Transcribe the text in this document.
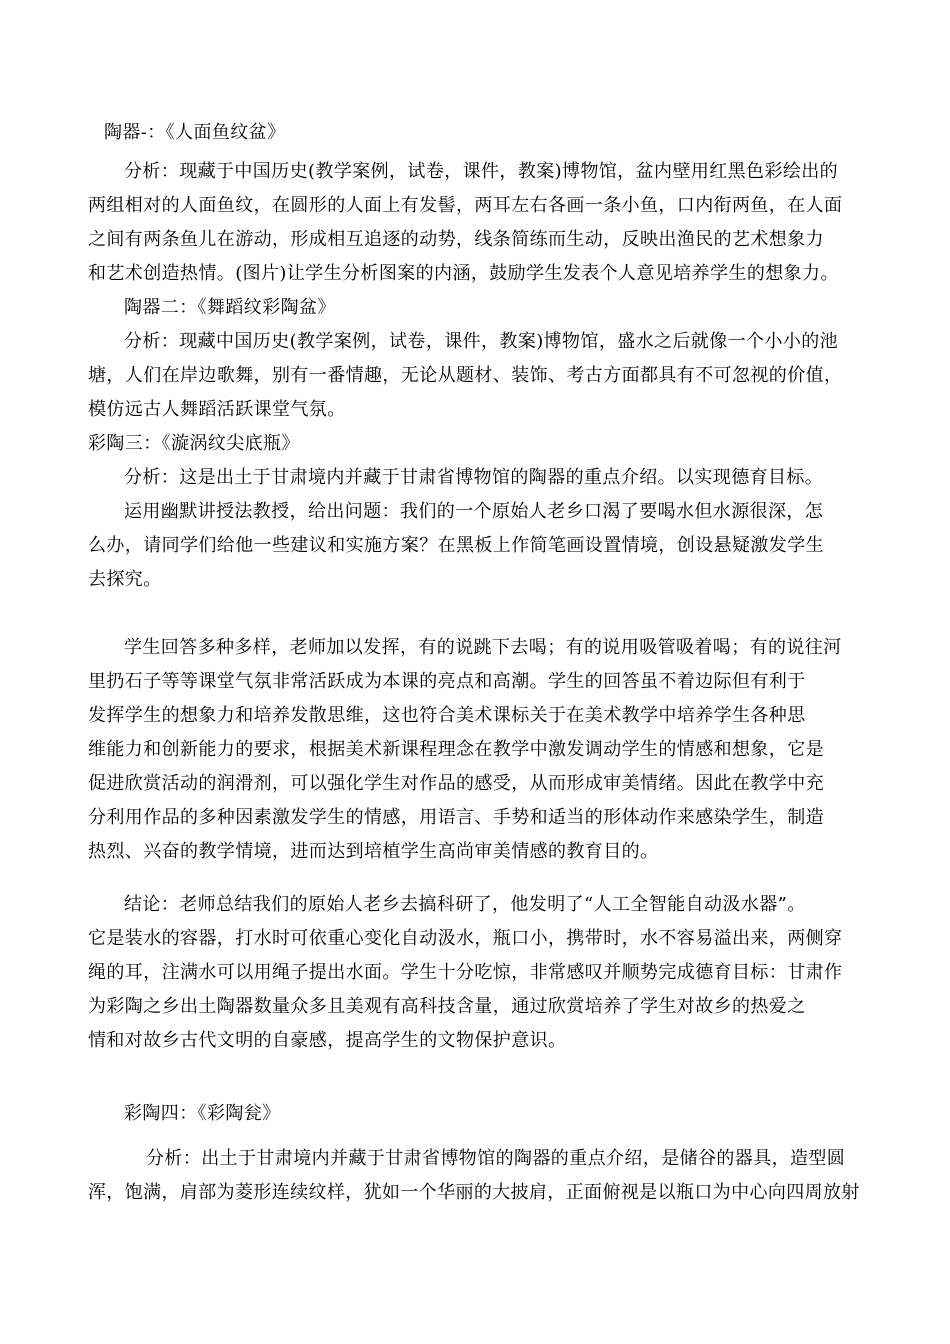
陶器-：《人面鱼纹盆》
分析：现藏于中国历史(教学案例，试卷，课件，教案)博物馆，盆内壁用红黑色彩绘出的
两组相对的人面鱼纹，在圆形的人面上有发髻，两耳左右各画一条小鱼，口内衔两鱼，在人面
之间有两条鱼儿在游动，形成相互追逐的动势，线条简练而生动，反映出渔民的艺术想象力
和艺术创造热情。(图片)让学生分析图案的内涵，鼓励学生发表个人意见培养学生的想象力。
陶器二：《舞蹈纹彩陶盆》
分析：现藏中国历史(教学案例，试卷，课件，教案)博物馆，盛水之后就像一个小小的池
塘，人们在岸边歌舞，别有一番情趣，无论从题材、装饰、考古方面都具有不可忽视的价值，
模仿远古人舞蹈活跃课堂气氛。
彩陶三：《漩涡纹尖底瓶》
分析：这是出土于甘肃境内并藏于甘肃省博物馆的陶器的重点介绍。以实现德育目标。
运用幽默讲授法教授，给出问题：我们的一个原始人老乡口渴了要喝水但水源很深，怎
么办，请同学们给他一些建议和实施方案？在黑板上作简笔画设置情境，创设悬疑激发学生
去探究。
学生回答多种多样，老师加以发挥，有的说跳下去喝；有的说用吸管吸着喝；有的说往河
里扔石子等等课堂气氛非常活跃成为本课的亮点和高潮。学生的回答虽不着边际但有利于
发挥学生的想象力和培养发散思维，这也符合美术课标关于在美术教学中培养学生各种思
维能力和创新能力的要求，根据美术新课程理念在教学中激发调动学生的情感和想象，它是
促进欣赏活动的润滑剂，可以强化学生对作品的感受，从而形成审美情绪。因此在教学中充
分利用作品的多种因素激发学生的情感，用语言、手势和适当的形体动作来感染学生，制造
热烈、兴奋的教学情境，进而达到培植学生高尚审美情感的教育目的。
结论：老师总结我们的原始人老乡去搞科研了，他发明了“人工全智能自动汲水器”。
它是装水的容器，打水时可依重心变化自动汲水，瓶口小，携带时，水不容易溢出来，两侧穿
绳的耳，注满水可以用绳子提出水面。学生十分吃惊，非常感叹并顺势完成德育目标：甘肃作
为彩陶之乡出土陶器数量众多且美观有高科技含量，通过欣赏培养了学生对故乡的热爱之
情和对故乡古代文明的自豪感，提高学生的文物保护意识。
彩陶四：《彩陶瓮》
分析：出土于甘肃境内并藏于甘肃省博物馆的陶器的重点介绍，是储谷的器具，造型圆
浑，饱满，肩部为菱形连续纹样，犹如一个华丽的大披肩，正面俯视是以瓶口为中心向四周放射
